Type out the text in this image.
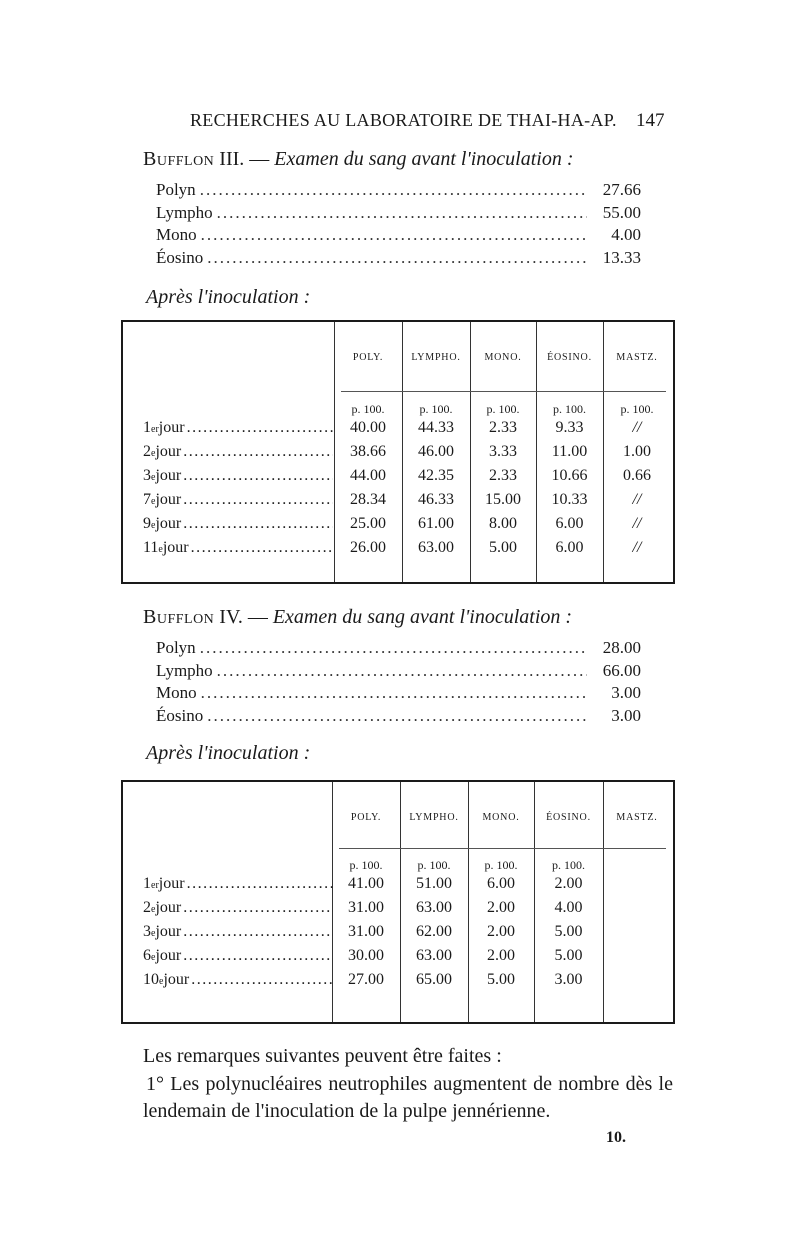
RECHERCHES AU LABORATOIRE DE THAI-HA-AP. 147
Bufflon III. — Examen du sang avant l'inoculation :
Polyn .....	27.66
Lympho .....	55.00
Mono .....	4.00
Éosino .....	13.33
Après l'inoculation :
POLY.	LYMPHO.	MONO.	ÉOSINO.	MASTZ.
p. 100.	p. 100.	p. 100.	p. 100.	p. 100.
1 er jour .....	40.00	44.33	2.33	9.33	//
2 e jour .....	38.66	46.00	3.33	11.00	1.00
3 e jour .....	44.00	42.35	2.33	10.66	0.66
7 e jour .....	28.34	46.33	15.00	10.33	//
9 e jour .....	25.00	61.00	8.00	6.00	//
11 e jour .....	26.00	63.00	5.00	6.00	//
Bufflon IV. — Examen du sang avant l'inoculation :
Polyn .....	28.00
Lympho .....	66.00
Mono .....	3.00
Éosino .....	3.00
Après l'inoculation :
POLY.	LYMPHO.	MONO.	ÉOSINO.	MASTZ.
p. 100.	p. 100.	p. 100.	p. 100.
1 er jour .....	41.00	51.00	6.00	2.00
2 e jour .....	31.00	63.00	2.00	4.00
3 e jour .....	31.00	62.00	2.00	5.00
6 e jour .....	30.00	63.00	2.00	5.00
10 e jour .....	27.00	65.00	5.00	3.00
Les remarques suivantes peuvent être faites :
1° Les polynucléaires neutrophiles augmentent de nombre dès le lendemain de l'inoculation de la pulpe jennérienne.
10.
